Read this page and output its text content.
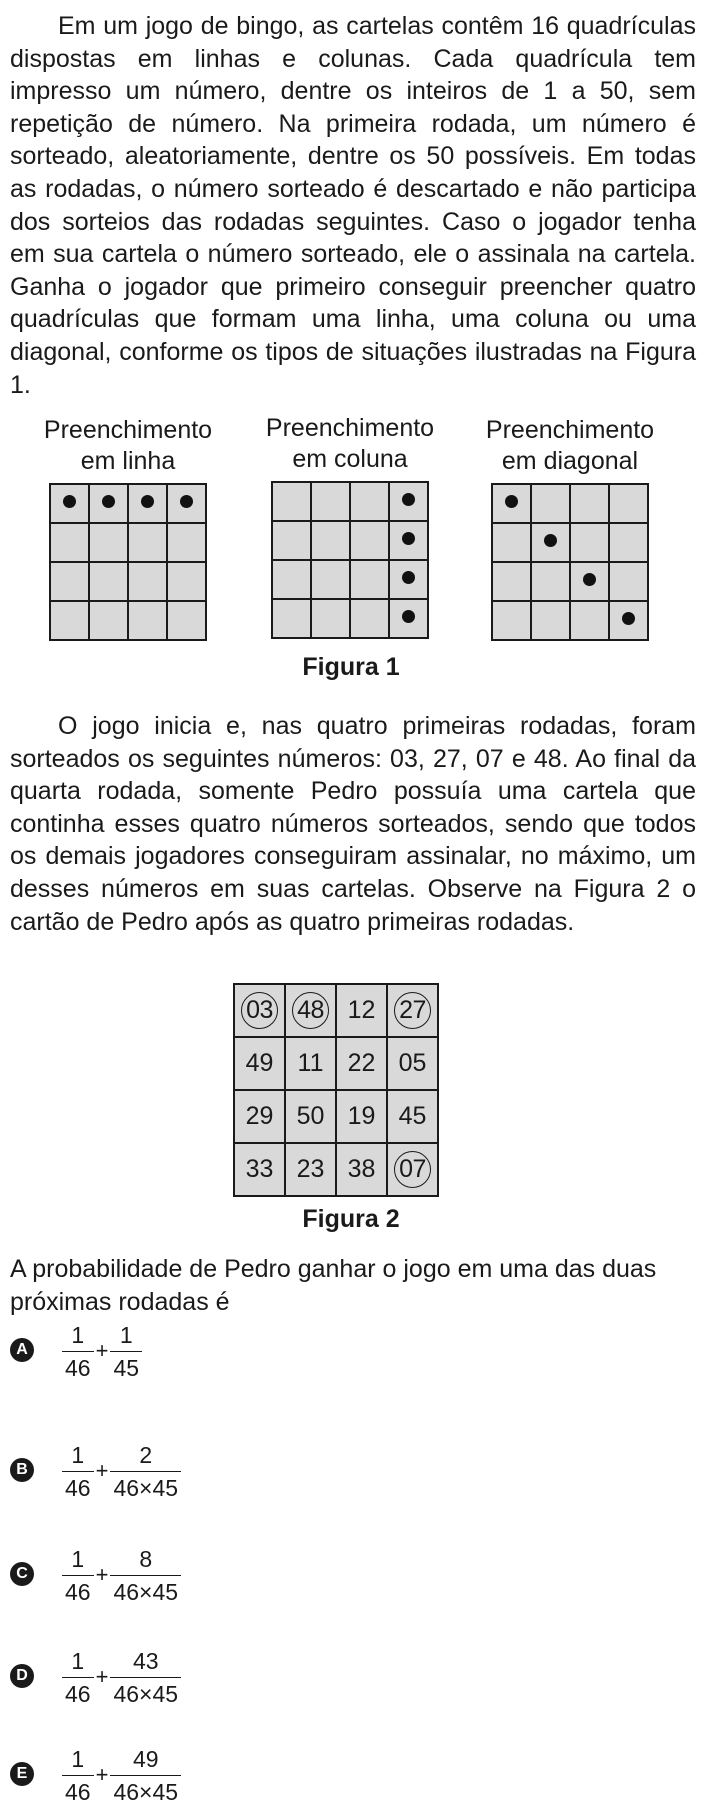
Em um jogo de bingo, as cartelas contêm 16 quadrículas dispostas em linhas e colunas. Cada quadrícula tem impresso um número, dentre os inteiros de 1 a 50, sem repetição de número. Na primeira rodada, um número é sorteado, aleatoriamente, dentre os 50 possíveis. Em todas as rodadas, o número sorteado é descartado e não participa dos sorteios das rodadas seguintes. Caso o jogador tenha em sua cartela o número sorteado, ele o assinala na cartela. Ganha o jogador que primeiro conseguir preencher quatro quadrículas que formam uma linha, uma coluna ou uma diagonal, conforme os tipos de situações ilustradas na Figura 1.

Preenchimento
em linha

Preenchimento
em coluna

Preenchimento
em diagonal

Figura 1

O jogo inicia e, nas quatro primeiras rodadas, foram sorteados os seguintes números: 03, 27, 07 e 48. Ao final da quarta rodada, somente Pedro possuía uma cartela que continha esses quatro números sorteados, sendo que todos os demais jogadores conseguiram assinalar, no máximo, um desses números em suas cartelas. Observe na Figura 2 o cartão de Pedro após as quatro primeiras rodadas.

03	48	12	27
49	11	22	05
29	50	19	45
33	23	38	07
Figura 2

A probabilidade de Pedro ganhar o jogo em uma das duas próximas rodadas é

A $\frac{1}{46} + \frac{1}{45}$
B $\frac{1}{46} + \frac{2}{46\times 45}$
C $\frac{1}{46} + \frac{8}{46\times 45}$
D $\frac{1}{46} + \frac{43}{46\times 45}$
E $\frac{1}{46} + \frac{49}{46\times 45}$
